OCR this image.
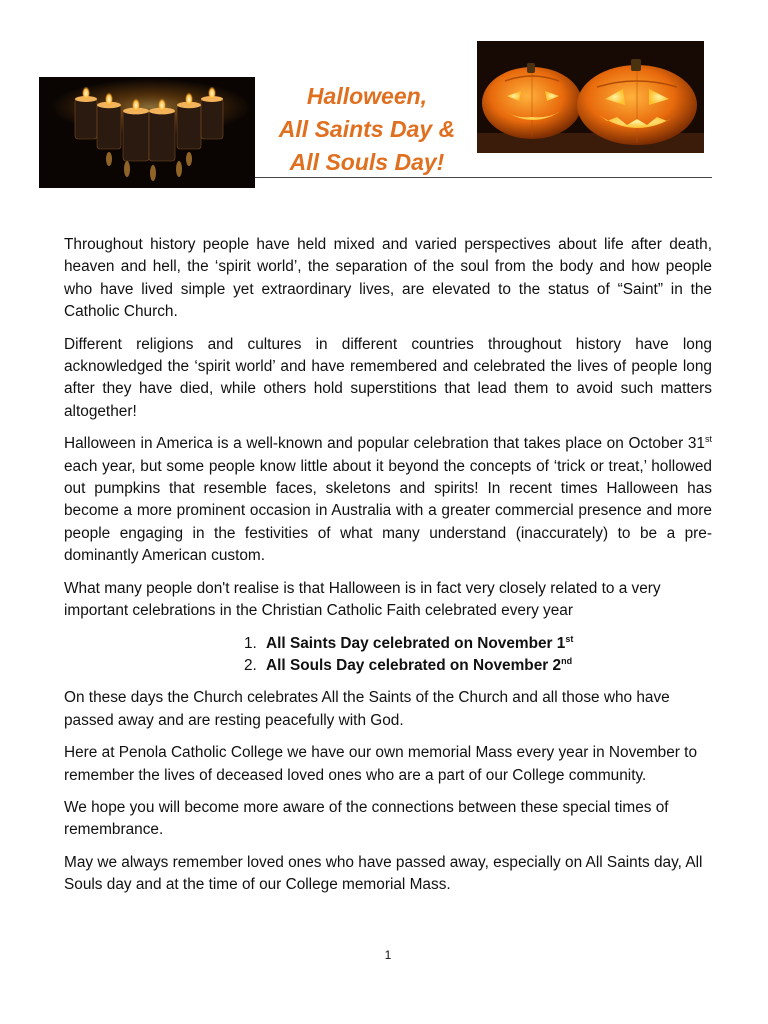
Halloween,
All Saints Day &
All Souls Day!

Throughout history people have held mixed and varied perspectives about life after death, heaven and hell, the ‘spirit world’, the separation of the soul from the body and how people who have lived simple yet extraordinary lives, are elevated to the status of “Saint” in the Catholic Church.

Different religions and cultures in different countries throughout history have long acknowledged the ‘spirit world’ and have remembered and celebrated the lives of people long after they have died, while others hold superstitions that lead them to avoid such matters altogether!

Halloween in America is a well-known and popular celebration that takes place on October 31st each year, but some people know little about it beyond the concepts of ‘trick or treat,’ hollowed out pumpkins that resemble faces, skeletons and spirits! In recent times Halloween has become a more prominent occasion in Australia with a greater commercial presence and more people engaging in the festivities of what many understand (inaccurately) to be a pre-dominantly American custom.

What many people don't realise is that Halloween is in fact very closely related to a very important celebrations in the Christian Catholic Faith celebrated every year

1. All Saints Day celebrated on November 1st
2. All Souls Day celebrated on November 2nd

On these days the Church celebrates All the Saints of the Church and all those who have passed away and are resting peacefully with God.

Here at Penola Catholic College we have our own memorial Mass every year in November to remember the lives of deceased loved ones who are a part of our College community.

We hope you will become more aware of the connections between these special times of remembrance.

May we always remember loved ones who have passed away, especially on All Saints day, All Souls day and at the time of our College memorial Mass.

1
